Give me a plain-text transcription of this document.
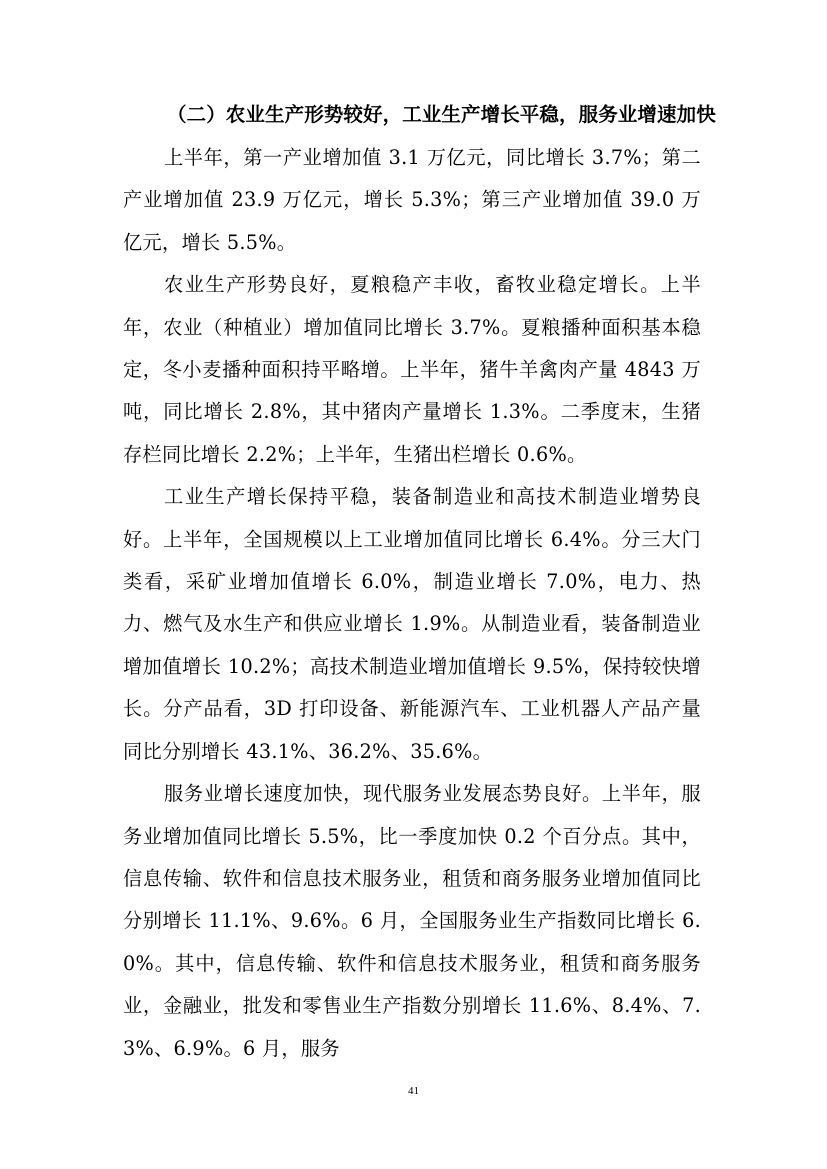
（二）农业生产形势较好，工业生产增长平稳，服务业增速加快

上半年，第一产业增加值 3.1 万亿元，同比增长 3.7%；第二产业增加值 23.9 万亿元，增长 5.3%；第三产业增加值 39.0 万亿元，增长 5.5%。

农业生产形势良好，夏粮稳产丰收，畜牧业稳定增长。上半年，农业（种植业）增加值同比增长 3.7%。夏粮播种面积基本稳定，冬小麦播种面积持平略增。上半年，猪牛羊禽肉产量 4843 万吨，同比增长 2.8%，其中猪肉产量增长 1.3%。二季度末，生猪存栏同比增长 2.2%；上半年，生猪出栏增长 0.6%。

工业生产增长保持平稳，装备制造业和高技术制造业增势良好。上半年，全国规模以上工业增加值同比增长 6.4%。分三大门类看，采矿业增加值增长 6.0%，制造业增长 7.0%，电力、热力、燃气及水生产和供应业增长 1.9%。从制造业看，装备制造业增加值增长 10.2%；高技术制造业增加值增长 9.5%，保持较快增长。分产品看，3D 打印设备、新能源汽车、工业机器人产品产量同比分别增长 43.1%、36.2%、35.6%。

服务业增长速度加快，现代服务业发展态势良好。上半年，服务业增加值同比增长 5.5%，比一季度加快 0.2 个百分点。其中，信息传输、软件和信息技术服务业，租赁和商务服务业增加值同比分别增长 11.1%、9.6%。6 月，全国服务业生产指数同比增长 6.0%。其中，信息传输、软件和信息技术服务业，租赁和商务服务业，金融业，批发和零售业生产指数分别增长 11.6%、8.4%、7.3%、6.9%。6 月，服务

41
